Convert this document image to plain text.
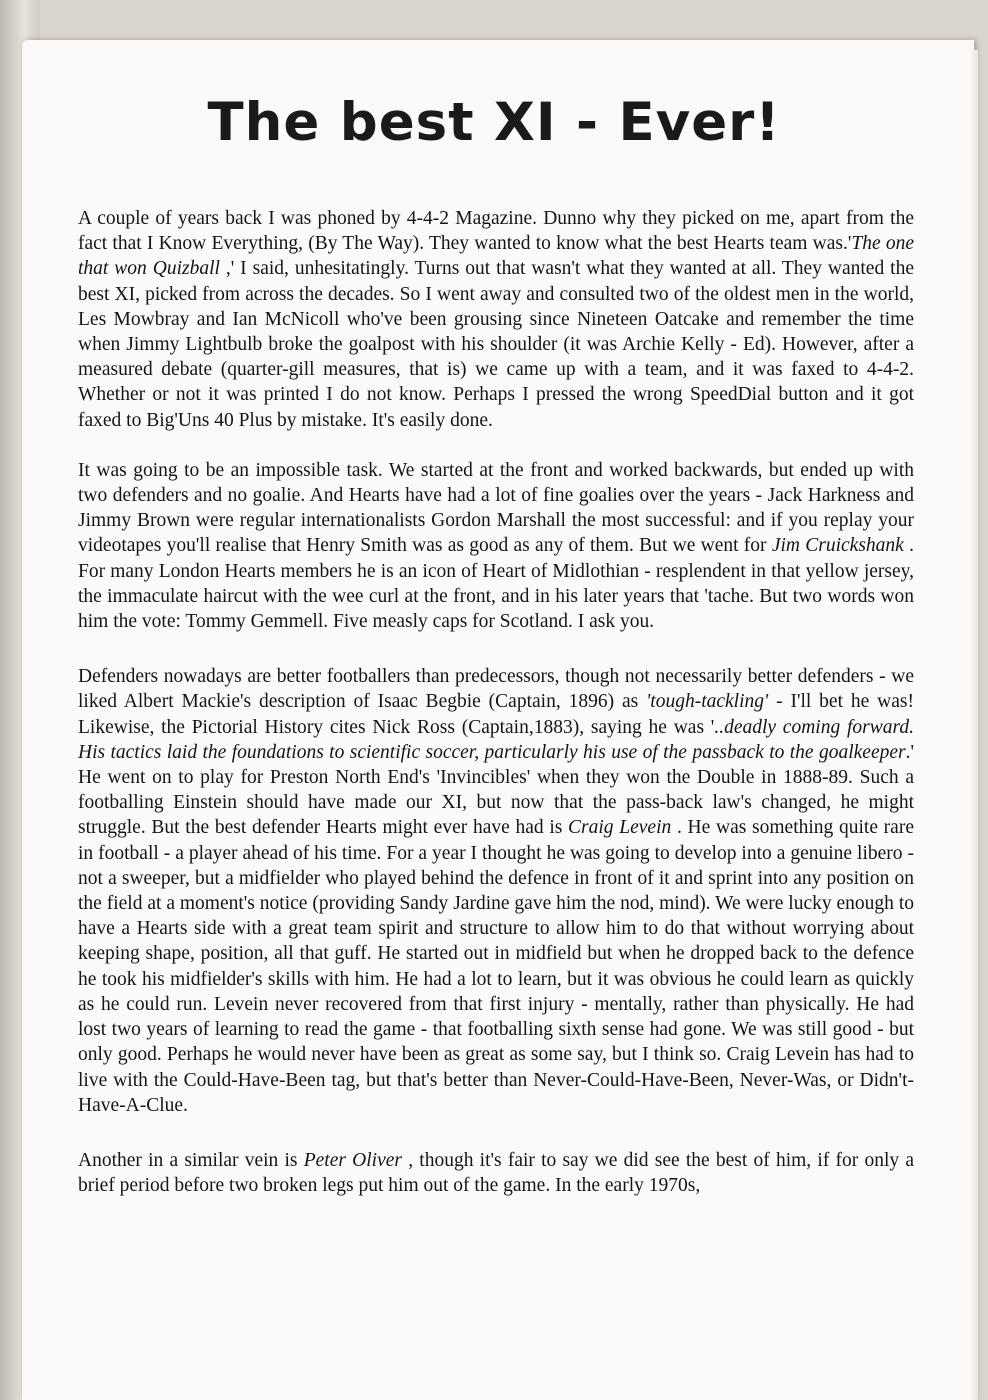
The best XI - Ever!

A couple of years back I was phoned by 4-4-2 Magazine. Dunno why they picked on me, apart from the fact that I Know Everything, (By The Way). They wanted to know what the best Hearts team was.'The one that won Quizball ,' I said, unhesitatingly. Turns out that wasn't what they wanted at all. They wanted the best XI, picked from across the decades. So I went away and consulted two of the oldest men in the world, Les Mowbray and Ian McNicoll who've been grousing since Nineteen Oatcake and remember the time when Jimmy Lightbulb broke the goalpost with his shoulder (it was Archie Kelly - Ed). However, after a measured debate (quarter-gill measures, that is) we came up with a team, and it was faxed to 4-4-2. Whether or not it was printed I do not know. Perhaps I pressed the wrong SpeedDial button and it got faxed to Big'Uns 40 Plus by mistake. It's easily done.

It was going to be an impossible task. We started at the front and worked backwards, but ended up with two defenders and no goalie. And Hearts have had a lot of fine goalies over the years - Jack Harkness and Jimmy Brown were regular internationalists Gordon Marshall the most successful: and if you replay your videotapes you'll realise that Henry Smith was as good as any of them. But we went for Jim Cruickshank . For many London Hearts members he is an icon of Heart of Midlothian - resplendent in that yellow jersey, the immaculate haircut with the wee curl at the front, and in his later years that 'tache. But two words won him the vote: Tommy Gemmell. Five measly caps for Scotland. I ask you.

Defenders nowadays are better footballers than predecessors, though not necessarily better defenders - we liked Albert Mackie's description of Isaac Begbie (Captain, 1896) as 'tough-tackling' - I'll bet he was! Likewise, the Pictorial History cites Nick Ross (Captain,1883), saying he was '..deadly coming forward. His tactics laid the foundations to scientific soccer, particularly his use of the passback to the goalkeeper.' He went on to play for Preston North End's 'Invincibles' when they won the Double in 1888-89. Such a footballing Einstein should have made our XI, but now that the pass-back law's changed, he might struggle. But the best defender Hearts might ever have had is Craig Levein . He was something quite rare in football - a player ahead of his time. For a year I thought he was going to develop into a genuine libero - not a sweeper, but a midfielder who played behind the defence in front of it and sprint into any position on the field at a moment's notice (providing Sandy Jardine gave him the nod, mind). We were lucky enough to have a Hearts side with a great team spirit and structure to allow him to do that without worrying about keeping shape, position, all that guff. He started out in midfield but when he dropped back to the defence he took his midfielder's skills with him. He had a lot to learn, but it was obvious he could learn as quickly as he could run. Levein never recovered from that first injury - mentally, rather than physically. He had lost two years of learning to read the game - that footballing sixth sense had gone. We was still good - but only good. Perhaps he would never have been as great as some say, but I think so. Craig Levein has had to live with the Could-Have-Been tag, but that's better than Never-Could-Have-Been, Never-Was, or Didn't-Have-A-Clue.

Another in a similar vein is Peter Oliver , though it's fair to say we did see the best of him, if for only a brief period before two broken legs put him out of the game. In the early 1970s,
